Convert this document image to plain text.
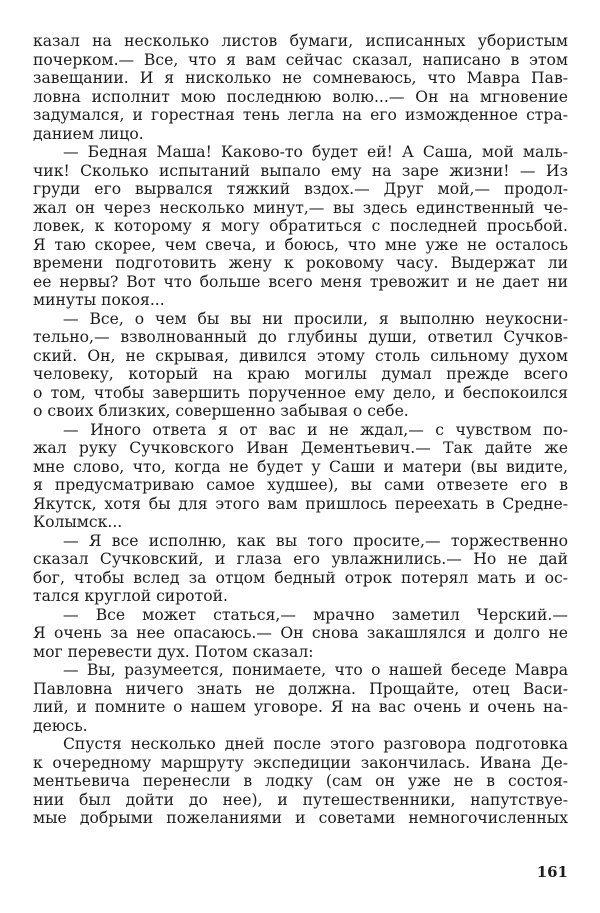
казал на несколько листов бумаги, исписанных убористым
почерком.— Все, что я вам сейчас сказал, написано в этом
завещании. И я нисколько не сомневаюсь, что Мавра Пав-
ловна исполнит мою последнюю волю...— Он на мгновение
задумался, и горестная тень легла на его изможденное стра-
данием лицо.
— Бедная Маша! Каково-то будет ей! А Саша, мой маль-
чик! Сколько испытаний выпало ему на заре жизни! — Из
груди его вырвался тяжкий вздох.— Друг мой,— продол-
жал он через несколько минут,— вы здесь единственный че-
ловек, к которому я могу обратиться с последней просьбой.
Я таю скорее, чем свеча, и боюсь, что мне уже не осталось
времени подготовить жену к роковому часу. Выдержат ли
ее нервы? Вот что больше всего меня тревожит и не дает ни
минуты покоя...
— Все, о чем бы вы ни просили, я выполню неукосни-
тельно,— взволнованный до глубины души, ответил Сучков-
ский. Он, не скрывая, дивился этому столь сильному духом
человеку, который на краю могилы думал прежде всего
о том, чтобы завершить порученное ему дело, и беспокоился
о своих близких, совершенно забывая о себе.
— Иного ответа я от вас и не ждал,— с чувством по-
жал руку Сучковского Иван Дементьевич.— Так дайте же
мне слово, что, когда не будет у Саши и матери (вы видите,
я предусматриваю самое худшее), вы сами отвезете его в
Якутск, хотя бы для этого вам пришлось переехать в Средне-
Колымск...
— Я все исполню, как вы того просите,— торжественно
сказал Сучковский, и глаза его увлажнились.— Но не дай
бог, чтобы вслед за отцом бедный отрок потерял мать и ос-
тался круглой сиротой.
— Все может статься,— мрачно заметил Черский.—
Я очень за нее опасаюсь.— Он снова закашлялся и долго не
мог перевести дух. Потом сказал:
— Вы, разумеется, понимаете, что о нашей беседе Мавра
Павловна ничего знать не должна. Прощайте, отец Васи-
лий, и помните о нашем уговоре. Я на вас очень и очень на-
деюсь.
Спустя несколько дней после этого разговора подготовка
к очередному маршруту экспедиции закончилась. Ивана Де-
ментьевича перенесли в лодку (сам он уже не в состоя-
нии был дойти до нее), и путешественники, напутствуе-
мые добрыми пожеланиями и советами немногочисленных
161
